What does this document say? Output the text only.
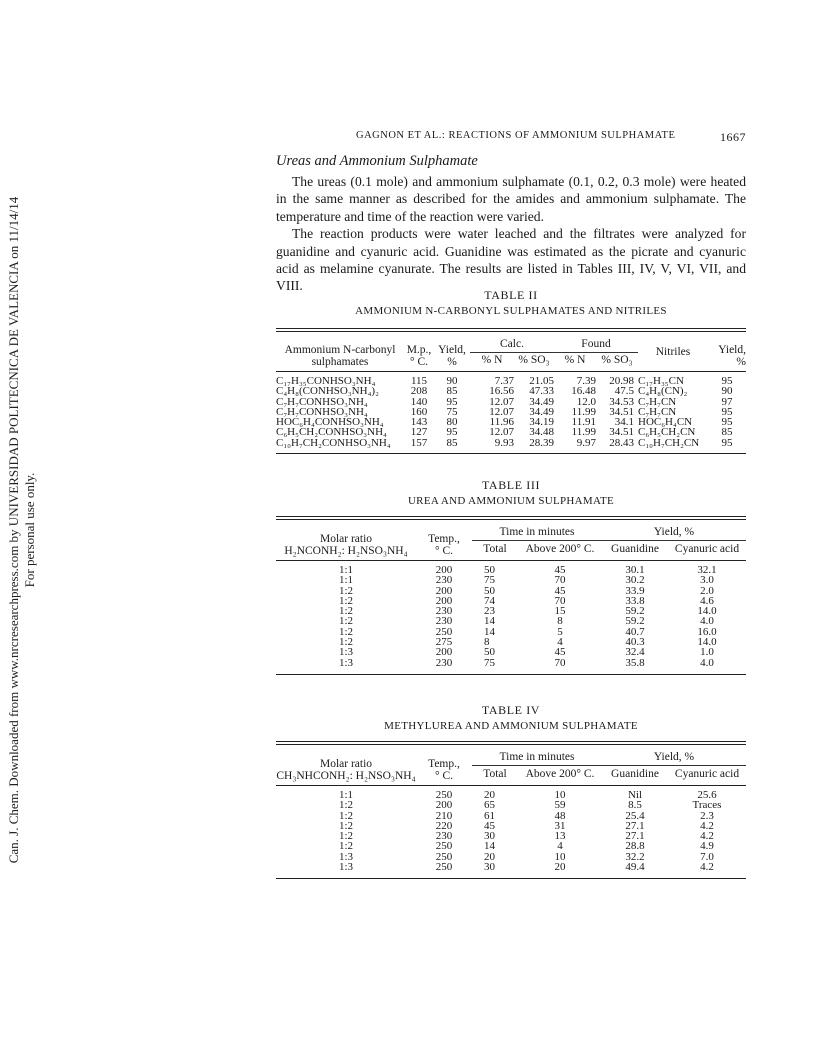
Can. J. Chem. Downloaded from www.nrcresearchpress.com by UNIVERSIDAD POLITECNICA DE VALENCIA on 11/14/14 For personal use only.
GAGNON ET AL.: REACTIONS OF AMMONIUM SULPHAMATE	1667
Ureas and Ammonium Sulphamate

The ureas (0.1 mole) and ammonium sulphamate (0.1, 0.2, 0.3 mole) were heated in the same manner as described for the amides and ammonium sulphamate. The temperature and time of the reaction were varied.

The reaction products were water leached and the filtrates were analyzed for guanidine and cyanuric acid. Guanidine was estimated as the picrate and cyanuric acid as melamine cyanurate. The results are listed in Tables III, IV, V, VI, VII, and VIII.

TABLE II
AMMONIUM N-CARBONYL SULPHAMATES AND NITRILES
Ammonium N-carbonyl
sulphamates	M.p.,
° C.	Yield,
%	Calc.		Found		Nitriles	Yield,
%
			% N	% SO₃	% N	% SO₃		
C₁₇H₃₅CONHSO₃NH₄	115	90	7.37	21.05	7.39	20.98	C₁₇H₃₅CN	95
C₄H₈(CONHSO₃NH₄)₂	208	85	16.56	47.33	16.48	47.5	C₄H₈(CN)₂	90
C₇H₇CONHSO₃NH₄	140	95	12.07	34.49	12.0	34.53	C₇H₇CN	97
C₇H₇CONHSO₃NH₄	160	75	12.07	34.49	11.99	34.51	C₇H₇CN	95
HOC₆H₄CONHSO₃NH₄	143	80	11.96	34.19	11.91	34.1	HOC₆H₄CN	95
C₆H₅CH₂CONHSO₃NH₄	127	95	12.07	34.48	11.99	34.51	C₆H₅CH₂CN	85
C₁₀H₇CH₂CONHSO₃NH₄	157	85	9.93	28.39	9.97	28.43	C₁₀H₇CH₂CN	95
TABLE III
UREA AND AMMONIUM SULPHAMATE
Molar ratio
H₂NCONH₂: H₂NSO₃NH₄	Temp.,
° C.	Time in minutes		Yield, %	
		Total	Above 200° C.	Guanidine	Cyanuric acid
1:1	200	50	45	30.1	32.1
1:1	230	75	70	30.2	3.0
1:2	200	50	45	33.9	2.0
1:2	200	74	70	33.8	4.6
1:2	230	23	15	59.2	14.0
1:2	230	14	8	59.2	4.0
1:2	250	14	5	40.7	16.0
1:2	275	8	4	40.3	14.0
1:3	200	50	45	32.4	1.0
1:3	230	75	70	35.8	4.0
TABLE IV
METHYLUREA AND AMMONIUM SULPHAMATE
Molar ratio
CH₃NHCONH₂: H₂NSO₃NH₄	Temp.,
° C.	Time in minutes		Yield, %	
		Total	Above 200° C.	Guanidine	Cyanuric acid
1:1	250	20	10	Nil	25.6
1:2	200	65	59	8.5	Traces
1:2	210	61	48	25.4	2.3
1:2	220	45	31	27.1	4.2
1:2	230	30	13	27.1	4.2
1:2	250	14	4	28.8	4.9
1:3	250	20	10	32.2	7.0
1:3	250	30	20	49.4	4.2
